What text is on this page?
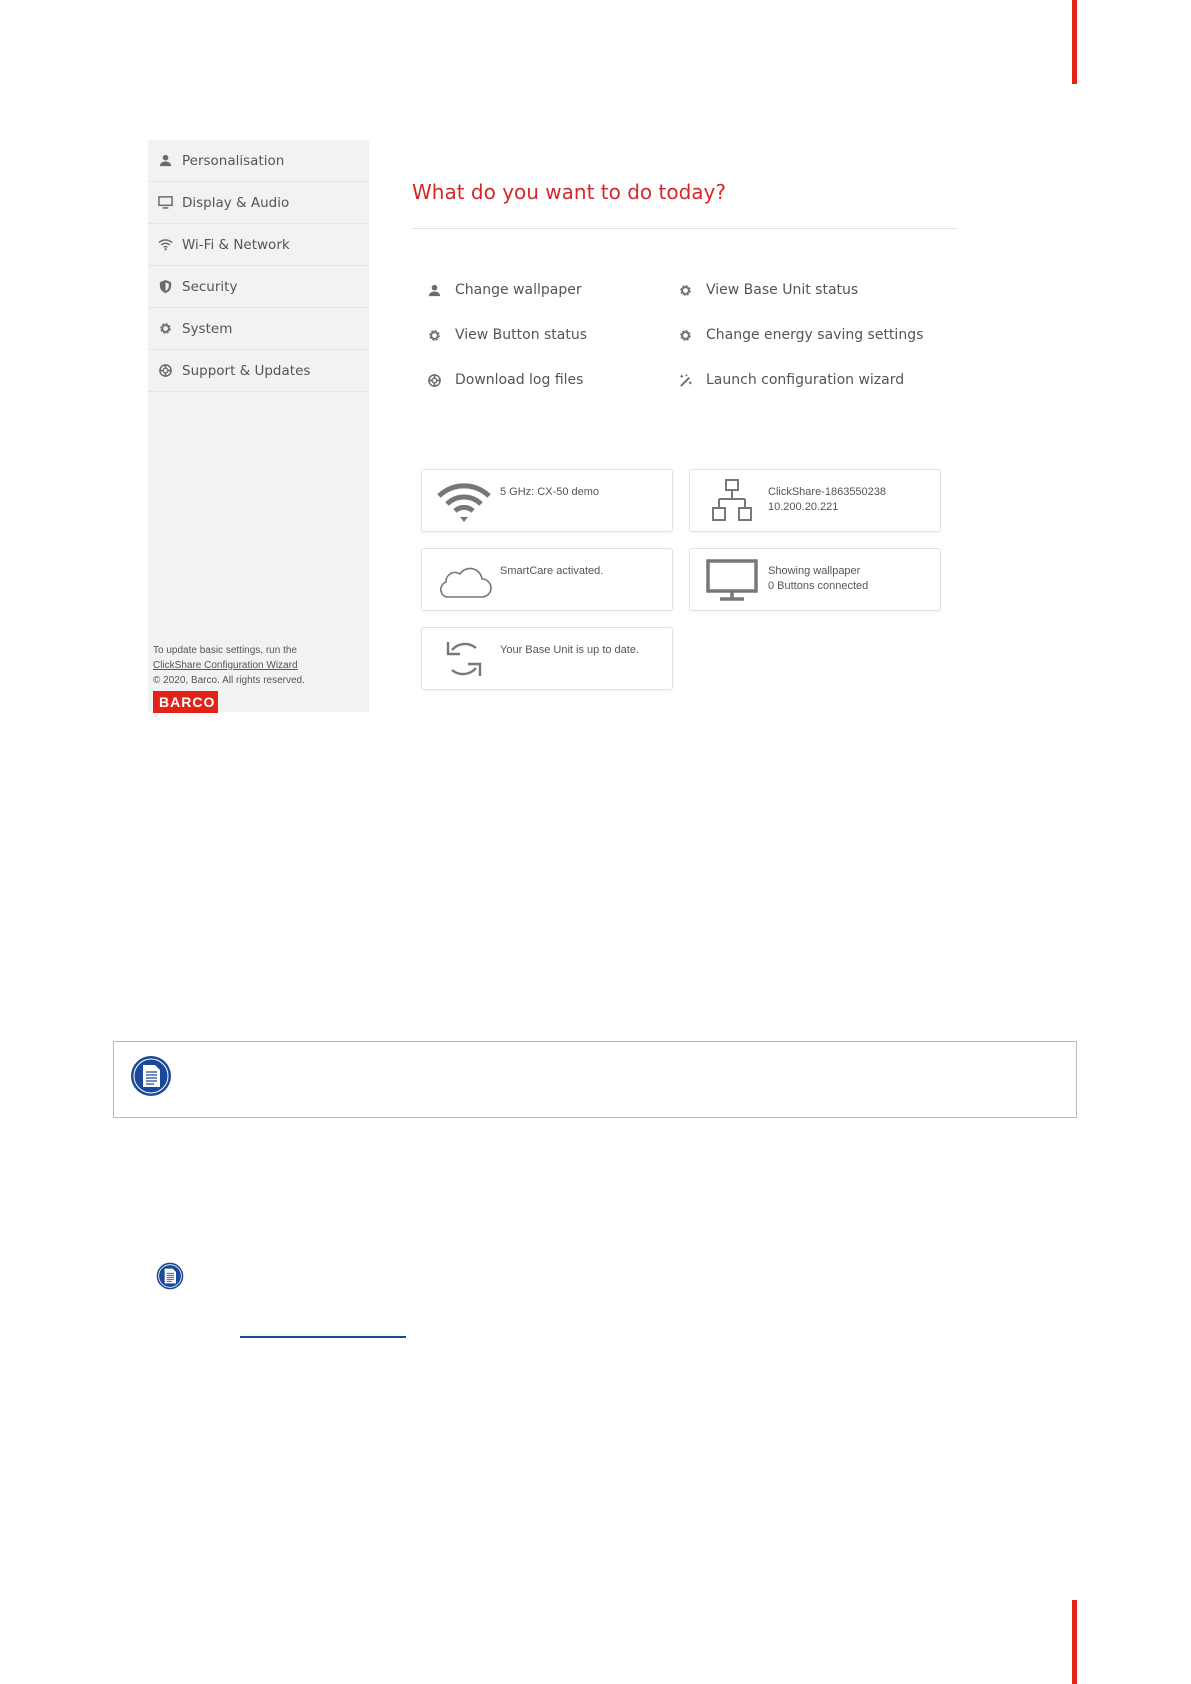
Personalisation
Display & Audio
Wi-Fi & Network
Security
System
Support & Updates
To update basic settings, run the
ClickShare Configuration Wizard
© 2020, Barco. All rights reserved.
BARCO
What do you want to do today?
Change wallpaper	View Base Unit status
View Button status	Change energy saving settings
Download log files	Launch configuration wizard
5 GHz: CX-50 demo	ClickShare-1863550238
10.200.20.221
SmartCare activated.	Showing wallpaper
0 Buttons connected
Your Base Unit is up to date.
